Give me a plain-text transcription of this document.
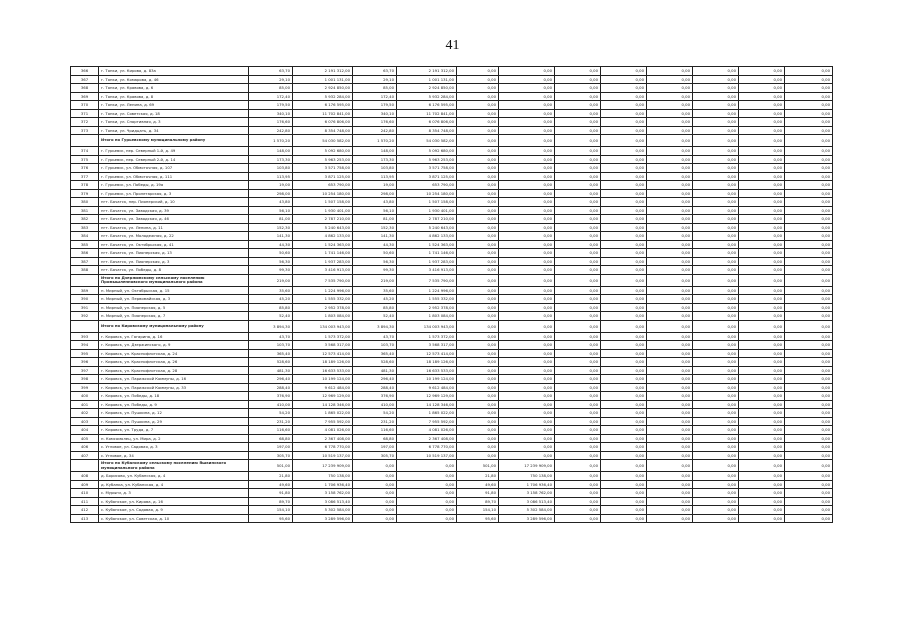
41
366	г. Топки, ул. Кирова, д. 83а	63,70	2 191 312,00	63,70	2 191 312,00	0,00	0,00	0,00	0,00	0,00	0,00	0,00	0,00
367	г. Топки, ул. Комарова, д. 46	29,10	1 001 131,00	29,10	1 001 131,00	0,00	0,00	0,00	0,00	0,00	0,00	0,00	0,00
368	г. Топки, ул. Кравова, д. 6	85,00	2 924 850,00	85,00	2 924 850,00	0,00	0,00	0,00	0,00	0,00	0,00	0,00	0,00
369	г. Топки, ул. Кравова, д. 8	172,40	5 932 284,00	172,40	5 932 284,00	0,00	0,00	0,00	0,00	0,00	0,00	0,00	0,00
370	г. Топки, ул. Ленина, д. 69	179,50	6 176 595,00	179,50	6 176 595,00	0,00	0,00	0,00	0,00	0,00	0,00	0,00	0,00
371	г. Топки, ул. Советская, д. 18	340,10	11 702 841,00	340,10	11 702 841,00	0,00	0,00	0,00	0,00	0,00	0,00	0,00	0,00
372	г. Топки, ул. Спортивная, д. 3	176,60	6 076 806,00	176,60	6 076 806,00	0,00	0,00	0,00	0,00	0,00	0,00	0,00	0,00
373	г. Топки, ул. Чридцать, д. 34	242,80	8 354 748,00	242,80	8 354 748,00	0,00	0,00	0,00	0,00	0,00	0,00	0,00	0,00
	Итого по Гурьевскому муниципальному району	1 570,20	54 030 582,00	1 570,20	54 030 582,00	0,00	0,00	0,00	0,00	0,00	0,00	0,00	0,00
374	г. Гурьевск, пер. Северный 1-й, д. 49	148,00	5 092 680,00	148,00	5 092 680,00	0,00	0,00	0,00	0,00	0,00	0,00	0,00	0,00
375	г. Гурьевск, пер. Северный 2-й, д. 14	173,30	5 963 253,00	173,30	5 963 253,00	0,00	0,00	0,00	0,00	0,00	0,00	0,00	0,00
376	г. Гурьевск, ул. Обмоточная, д. 107	103,80	3 571 758,00	103,80	3 571 758,00	0,00	0,00	0,00	0,00	0,00	0,00	0,00	0,00
377	г. Гурьевск, ул. Обмоточная, д. 111	113,95	3 871 125,00	113,95	3 871 125,00	0,00	0,00	0,00	0,00	0,00	0,00	0,00	0,00
378	г. Гурьевск, ул. Победы, д. 19а	19,00	653 790,00	19,00	653 790,00	0,00	0,00	0,00	0,00	0,00	0,00	0,00	0,00
379	г. Гурьевск, ул. Пролетарская, д. 3	298,00	10 254 180,00	298,00	10 254 180,00	0,00	0,00	0,00	0,00	0,00	0,00	0,00	0,00
380	пгт. Бачатск, пер. Пионерский, д. 10	43,80	1 507 158,00	43,80	1 507 158,00	0,00	0,00	0,00	0,00	0,00	0,00	0,00	0,00
381	пгт. Бачатск, ул. Заводская, д. 39	56,10	1 930 401,00	56,10	1 930 401,00	0,00	0,00	0,00	0,00	0,00	0,00	0,00	0,00
382	пгт. Бачатск, ул. Заводская, д. 46	81,00	2 787 210,00	81,00	2 787 210,00	0,00	0,00	0,00	0,00	0,00	0,00	0,00	0,00
383	пгт. Бачатск, ул. Ленина, д. 11	152,30	5 240 643,00	152,30	5 240 643,00	0,00	0,00	0,00	0,00	0,00	0,00	0,00	0,00
384	пгт. Бачатск, ул. Молодежная, д. 22	141,30	4 862 133,00	141,30	4 862 133,00	0,00	0,00	0,00	0,00	0,00	0,00	0,00	0,00
385	пгт. Бачатск, ул. Октябрьская, д. 41	44,30	1 524 363,00	44,30	1 524 363,00	0,00	0,00	0,00	0,00	0,00	0,00	0,00	0,00
386	пгт. Бачатск, ул. Пионерская, д. 13	50,60	1 741 146,00	50,60	1 741 146,00	0,00	0,00	0,00	0,00	0,00	0,00	0,00	0,00
387	пгт. Бачатск, ул. Пионерская, д. 3	56,30	1 937 283,00	56,30	1 937 283,00	0,00	0,00	0,00	0,00	0,00	0,00	0,00	0,00
388	пгт. Бачатск, ул. Победы, д. 8	99,30	3 416 913,00	99,30	3 416 913,00	0,00	0,00	0,00	0,00	0,00	0,00	0,00	0,00
	Итого по Дзержинскому сельскому поселению Промышленновского муниципального района	219,00	7 535 790,00	219,00	7 535 790,00	0,00	0,00	0,00	0,00	0,00	0,00	0,00	0,00
389	п. Мирный, ул. Октябрьская, д. 15	35,60	1 224 996,00	35,60	1 224 996,00	0,00	0,00	0,00	0,00	0,00	0,00	0,00	0,00
390	п. Мирный, ул. Первомайская, д. 3	45,20	1 555 332,00	45,20	1 555 332,00	0,00	0,00	0,00	0,00	0,00	0,00	0,00	0,00
391	п. Мирный, ул. Пионерская, д. 5	85,80	2 952 378,00	85,80	2 952 378,00	0,00	0,00	0,00	0,00	0,00	0,00	0,00	0,00
392	п. Мирный, ул. Пионерская, д. 7	52,40	1 803 084,00	52,40	1 803 084,00	0,00	0,00	0,00	0,00	0,00	0,00	0,00	0,00
	Итого по Кировскому муниципальному району	3 894,30	134 003 943,00	3 894,30	134 003 943,00	0,00	0,00	0,00	0,00	0,00	0,00	0,00	0,00
393	г. Кировск, ул. Гагарина, д. 16	43,70	1 573 372,00	43,70	1 573 372,00	0,00	0,00	0,00	0,00	0,00	0,00	0,00	0,00
394	г. Кировск, ул. Дзержинского, д. 9	103,70	3 568 317,00	103,70	3 568 317,00	0,00	0,00	0,00	0,00	0,00	0,00	0,00	0,00
395	г. Кировск, ул. Краснофлотская, д. 24	365,40	12 573 414,00	365,40	12 573 414,00	0,00	0,00	0,00	0,00	0,00	0,00	0,00	0,00
396	г. Кировск, ул. Краснофлотская, д. 26	528,60	18 189 126,00	528,60	18 189 126,00	0,00	0,00	0,00	0,00	0,00	0,00	0,00	0,00
397	г. Кировск, ул. Краснофлотская, д. 28	481,30	16 633 533,00	481,30	16 633 533,00	0,00	0,00	0,00	0,00	0,00	0,00	0,00	0,00
398	г. Кировск, ул. Парижской Коммуны, д. 16	296,40	10 199 124,00	296,40	10 199 124,00	0,00	0,00	0,00	0,00	0,00	0,00	0,00	0,00
399	г. Кировск, ул. Парижской Коммуны, д. 33	288,40	9 612 484,00	288,40	9 612 484,00	0,00	0,00	0,00	0,00	0,00	0,00	0,00	0,00
400	г. Кировск, ул. Победы, д. 18	376,90	12 969 129,00	376,90	12 969 129,00	0,00	0,00	0,00	0,00	0,00	0,00	0,00	0,00
401	г. Кировск, ул. Победы, д. 9	410,00	14 128 346,00	410,00	14 128 346,00	0,00	0,00	0,00	0,00	0,00	0,00	0,00	0,00
402	г. Кировск, ул. Пушкина, д. 12	54,20	1 865 022,00	54,20	1 865 022,00	0,00	0,00	0,00	0,00	0,00	0,00	0,00	0,00
403	г. Кировск, ул. Пушкина, д. 29	231,20	7 955 592,00	231,20	7 955 592,00	0,00	0,00	0,00	0,00	0,00	0,00	0,00	0,00
404	г. Кировск, ул. Труда, д. 7	116,60	4 081 026,00	116,60	4 081 026,00	0,00	0,00	0,00	0,00	0,00	0,00	0,00	0,00
405	п. Комсомолец, ул. Мира, д. 2	68,80	2 367 408,00	68,80	2 367 408,00	0,00	0,00	0,00	0,00	0,00	0,00	0,00	0,00
406	с. Угловое, ул. Садовая, д. 3	197,00	6 778 770,00	197,00	6 778 770,00	0,00	0,00	0,00	0,00	0,00	0,00	0,00	0,00
407	с. Угловое, д. 34	305,70	10 519 137,00	305,70	10 519 137,00	0,00	0,00	0,00	0,00	0,00	0,00	0,00	0,00
	Итого по Кубанскому сельскому поселению Яшкинского муниципального района	501,00	17 239 909,00	0,00	0,00	501,00	17 239 909,00	0,00	0,00	0,00	0,00	0,00	0,00
408	д. Борисово, ул. Кубанская, д. 4	21,80	750 138,00	0,00	0,00	21,80	750 138,00	0,00	0,00	0,00	0,00	0,00	0,00
409	д. Кубанка, ул. Кубанская, д. 4	49,60	1 706 936,40	0,00	0,00	49,60	1 706 936,40	0,00	0,00	0,00	0,00	0,00	0,00
410	с. Мурыги, д. 3	91,80	3 158 762,00	0,00	0,00	91,80	3 158 762,00	0,00	0,00	0,00	0,00	0,00	0,00
411	с. Кубанское, ул. Кирова, д. 16	89,70	3 086 513,40	0,00	0,00	89,70	3 086 513,40	0,00	0,00	0,00	0,00	0,00	0,00
412	с. Кубанское, ул. Садовая, д. 9	154,10	5 302 584,00	0,00	0,00	154,10	5 302 584,00	0,00	0,00	0,00	0,00	0,00	0,00
413	с. Кубанское, ул. Советская, д. 10	95,60	3 289 596,00	0,00	0,00	95,60	3 289 596,00	0,00	0,00	0,00	0,00	0,00	0,00
